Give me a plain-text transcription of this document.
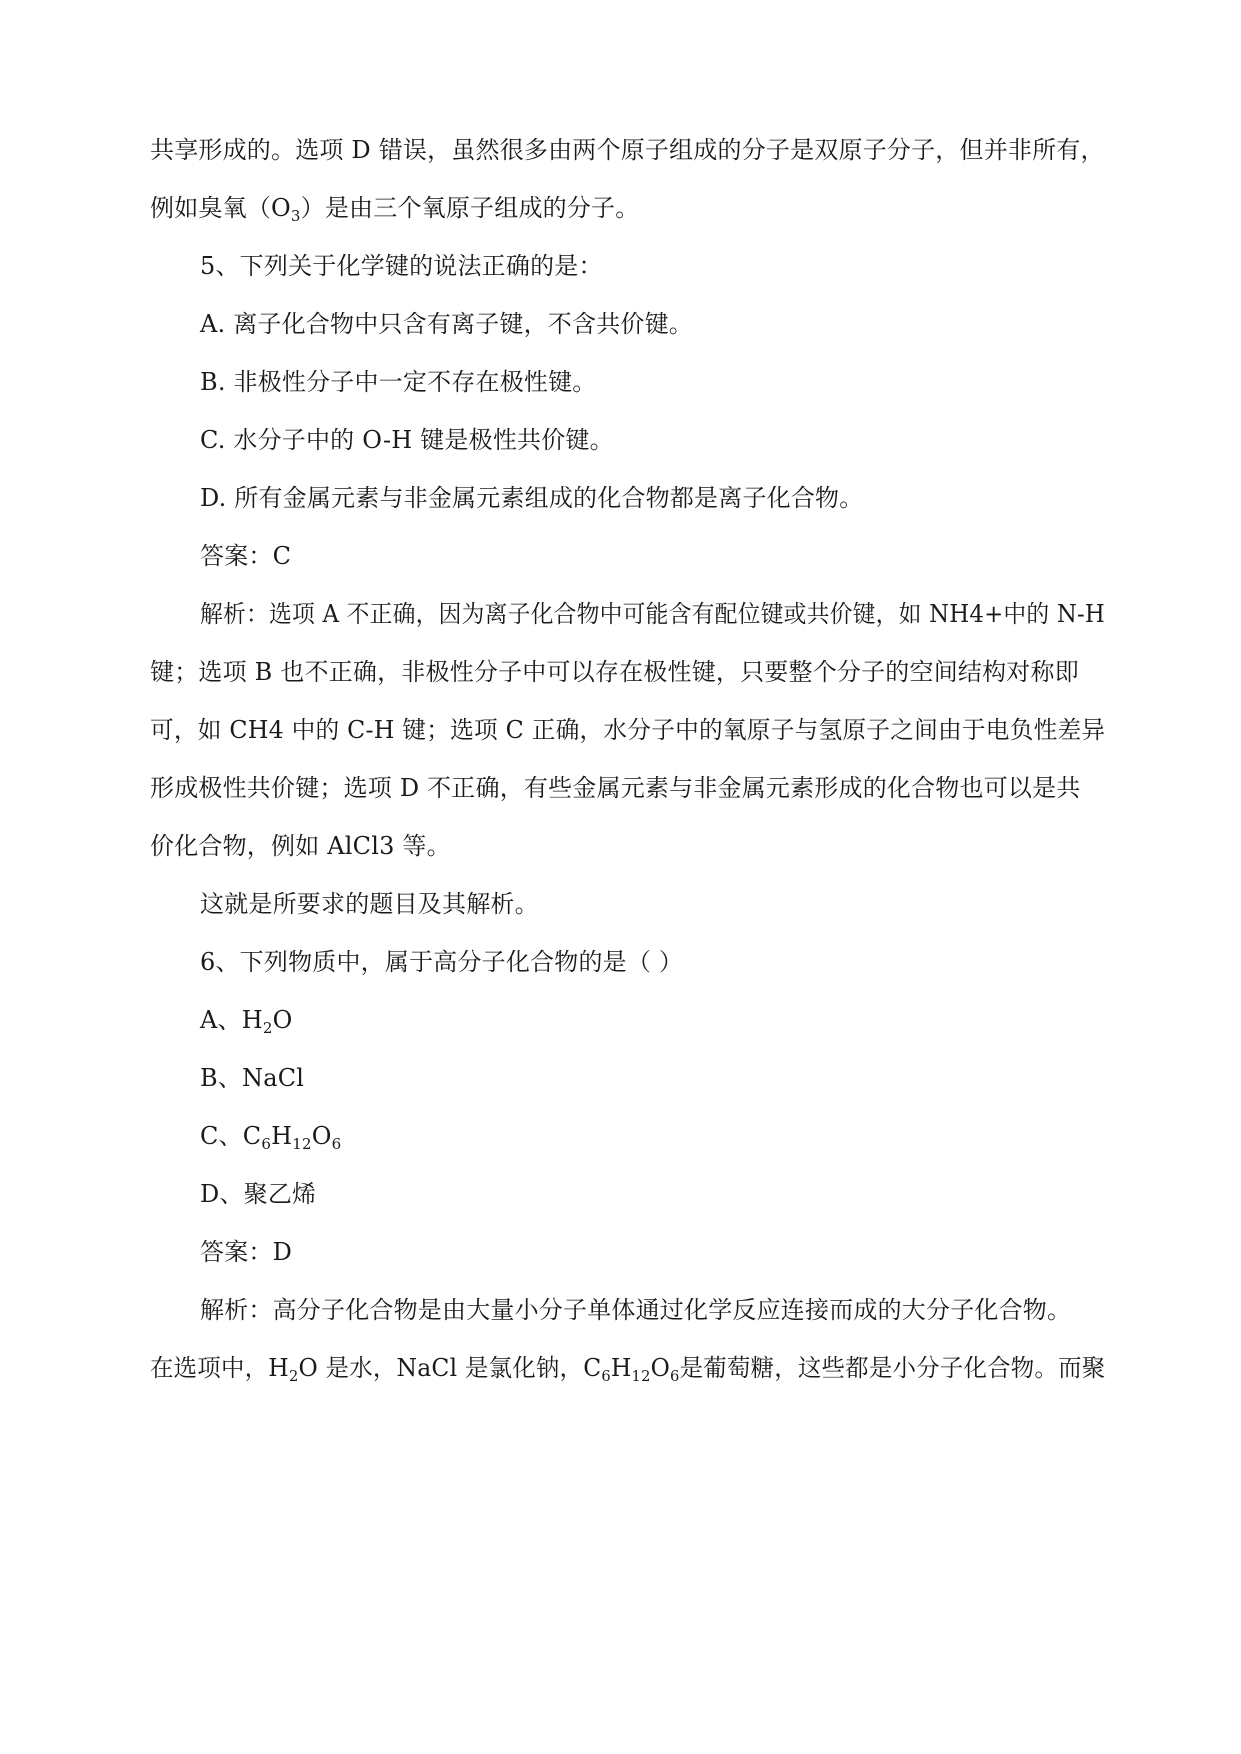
共享形成的。选项 D 错误，虽然很多由两个原子组成的分子是双原子分子，但并非所有，
例如臭氧$(O_3)$是由三个氧原子组成的分子。
5、下列关于化学键的说法正确的是：
A. 离子化合物中只含有离子键，不含共价键。
B. 非极性分子中一定不存在极性键。
C. 水分子中的 O-H 键是极性共价键。
D. 所有金属元素与非金属元素组成的化合物都是离子化合物。
答案：C
解析：选项 A 不正确，因为离子化合物中可能含有配位键或共价键，如 NH4+中的 N-H
键；选项 B 也不正确，非极性分子中可以存在极性键，只要整个分子的空间结构对称即
可，如 CH4 中的 C-H 键；选项 C 正确，水分子中的氧原子与氢原子之间由于电负性差异
形成极性共价键；选项 D 不正确，有些金属元素与非金属元素形成的化合物也可以是共
价化合物，例如 AlCl3 等。
这就是所要求的题目及其解析。
6、下列物质中，属于高分子化合物的是（ ）
A、$H_2O$
B、NaCl
C、$C_6H_{12}O_6$
D、聚乙烯
答案：D
解析：高分子化合物是由大量小分子单体通过化学反应连接而成的大分子化合物。
在选项中，$H_2O$ 是水，NaCl 是氯化钠，$C_6H_{12}O_6$是葡萄糖，这些都是小分子化合物。而聚
